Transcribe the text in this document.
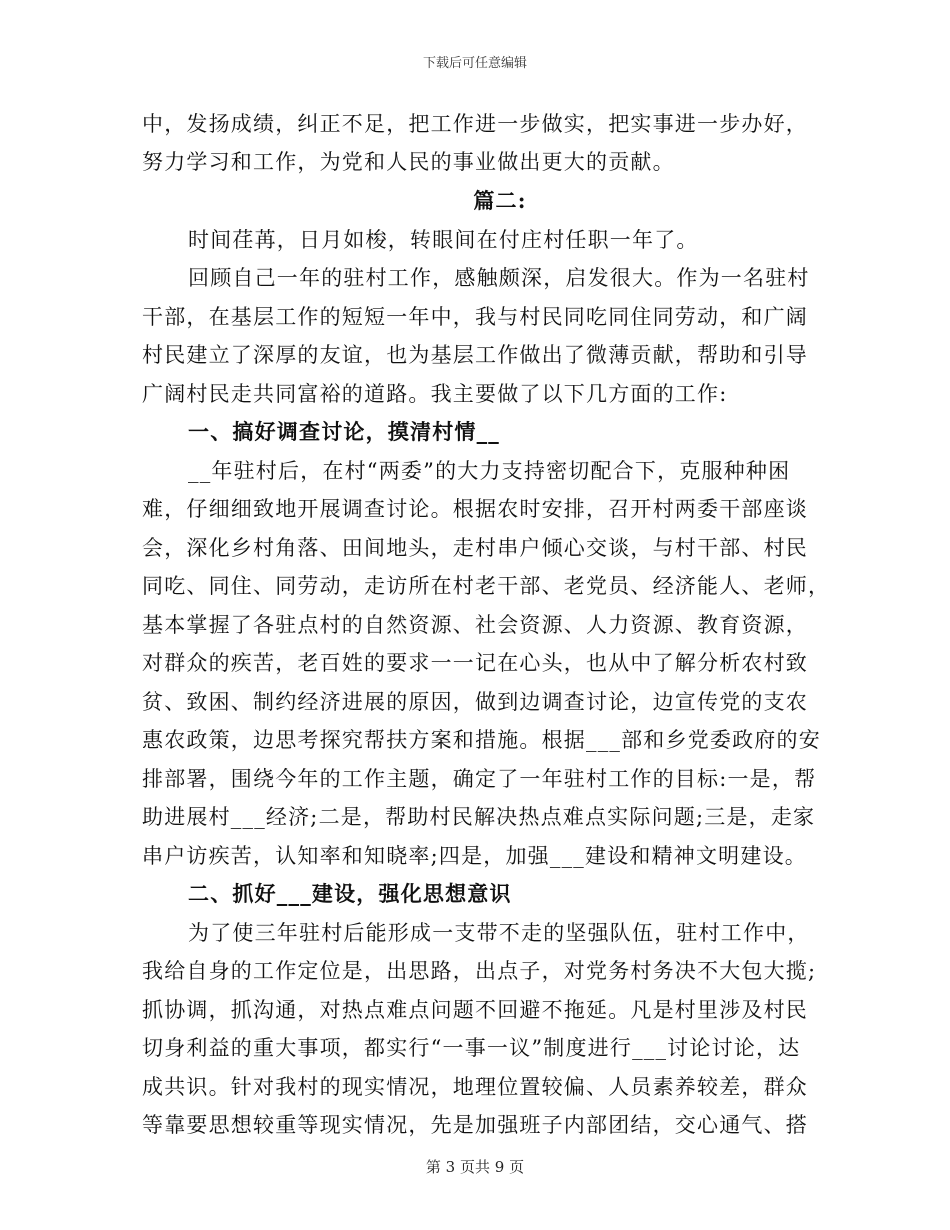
下载后可任意编辑
中，发扬成绩，纠正不足，把工作进一步做实，把实事进一步办好，
努力学习和工作，为党和人民的事业做出更大的贡献。
篇二:
时间荏苒，日月如梭，转眼间在付庄村任职一年了。
回顾自己一年的驻村工作，感触颇深，启发很大。作为一名驻村
干部，在基层工作的短短一年中，我与村民同吃同住同劳动，和广阔
村民建立了深厚的友谊，也为基层工作做出了微薄贡献，帮助和引导
广阔村民走共同富裕的道路。我主要做了以下几方面的工作:
一、搞好调查讨论，摸清村情__
__年驻村后，在村“两委”的大力支持密切配合下，克服种种困
难，仔细细致地开展调查讨论。根据农时安排，召开村两委干部座谈
会，深化乡村角落、田间地头，走村串户倾心交谈，与村干部、村民
同吃、同住、同劳动，走访所在村老干部、老党员、经济能人、老师，
基本掌握了各驻点村的自然资源、社会资源、人力资源、教育资源，
对群众的疾苦，老百姓的要求一一记在心头，也从中了解分析农村致
贫、致困、制约经济进展的原因，做到边调查讨论，边宣传党的支农
惠农政策，边思考探究帮扶方案和措施。根据___部和乡党委政府的安
排部署，围绕今年的工作主题，确定了一年驻村工作的目标:一是，帮
助进展村___经济;二是，帮助村民解决热点难点实际问题;三是，走家
串户访疾苦，认知率和知晓率;四是，加强___建设和精神文明建设。
二、抓好___建设，强化思想意识
为了使三年驻村后能形成一支带不走的坚强队伍，驻村工作中，
我给自身的工作定位是，出思路，出点子，对党务村务决不大包大揽;
抓协调，抓沟通，对热点难点问题不回避不拖延。凡是村里涉及村民
切身利益的重大事项，都实行“一事一议”制度进行___讨论讨论，达
成共识。针对我村的现实情况，地理位置较偏、人员素养较差，群众
等靠要思想较重等现实情况，先是加强班子内部团结，交心通气、搭
第 3 页共 9 页
